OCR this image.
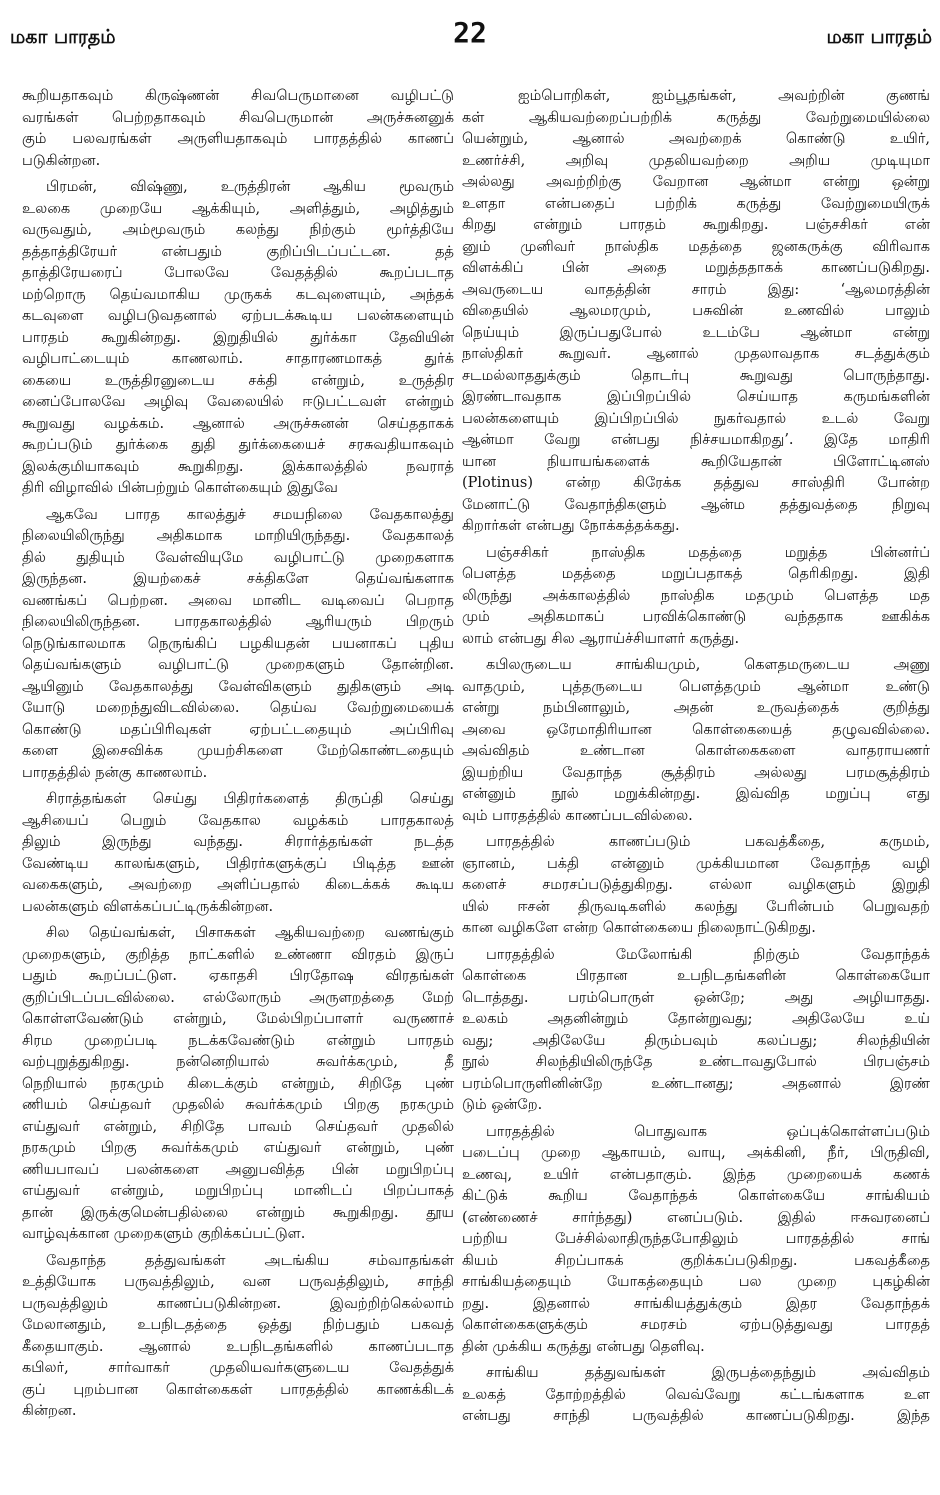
மகா பாரதம்	22	மகா பாரதம்
கூறியதாகவும் கிருஷ்ணன் சிவபெருமானை வழிபட்டு
வரங்கள் பெற்றதாகவும் சிவபெருமான் அருச்சுனனுக்
கும் பலவரங்கள் அருளியதாகவும் பாரதத்தில் காணப்
படுகின்றன.
பிரமன், விஷ்ணு, உருத்திரன் ஆகிய மூவரும்
உலகை முறையே ஆக்கியும், அளித்தும், அழித்தும்
வருவதும், அம்மூவரும் கலந்து நிற்கும் மூர்த்தியே
தத்தாத்திரேயர் என்பதும் குறிப்பிடப்பட்டன. தத்
தாத்திரேயரைப் போலவே வேதத்தில் கூறப்படாத
மற்றொரு தெய்வமாகிய முருகக் கடவுளையும், அந்தக்
கடவுளை வழிபடுவதனால் ஏற்படக்கூடிய பலன்களையும்
பாரதம் கூறுகின்றது. இறுதியில் துர்க்கா தேவியின்
வழிபாட்டையும் காணலாம். சாதாரணமாகத் துர்க்
கையை உருத்திரனுடைய சக்தி என்றும், உருத்திர
னைப்போலவே அழிவு வேலையில் ஈடுபட்டவள் என்றும்
கூறுவது வழக்கம். ஆனால் அருச்சுனன் செய்ததாகக்
கூறப்படும் துர்க்கை துதி துர்க்கையைச் சரசுவதியாகவும்
இலக்குமியாகவும் கூறுகிறது. இக்காலத்தில் நவராத்
திரி விழாவில் பின்பற்றும் கொள்கையும் இதுவே
ஆகவே பாரத காலத்துச் சமயநிலை வேதகாலத்து
நிலையிலிருந்து அதிகமாக மாறியிருந்தது. வேதகாலத்
தில் துதியும் வேள்வியுமே வழிபாட்டு முறைகளாக
இருந்தன. இயற்கைச் சக்திகளே தெய்வங்களாக
வணங்கப் பெற்றன. அவை மானிட வடிவைப் பெறாத
நிலையிலிருந்தன. பாரதகாலத்தில் ஆரியரும் பிறரும்
நெடுங்காலமாக நெருங்கிப் பழகியதன் பயனாகப் புதிய
தெய்வங்களும் வழிபாட்டு முறைகளும் தோன்றின.
ஆயினும் வேதகாலத்து வேள்விகளும் துதிகளும் அடி
யோடு மறைந்துவிடவில்லை. தெய்வ வேற்றுமையைக்
கொண்டு மதப்பிரிவுகள் ஏற்பட்டதையும் அப்பிரிவு
களை இசைவிக்க முயற்சிகளை மேற்கொண்டதையும்
பாரதத்தில் நன்கு காணலாம்.
சிராத்தங்கள் செய்து பிதிரர்களைத் திருப்தி செய்து
ஆசியைப் பெறும் வேதகால வழக்கம் பாரதகாலத்
திலும் இருந்து வந்தது. சிரார்த்தங்கள் நடத்த
வேண்டிய காலங்களும், பிதிரர்களுக்குப் பிடித்த ஊன்
வகைகளும், அவற்றை அளிப்பதால் கிடைக்கக் கூடிய
பலன்களும் விளக்கப்பட்டிருக்கின்றன.
சில தெய்வங்கள், பிசாசுகள் ஆகியவற்றை வணங்கும்
முறைகளும், குறித்த நாட்களில் உண்ணா விரதம் இருப்
பதும் கூறப்பட்டுள. ஏகாதசி பிரதோஷ விரதங்கள்
குறிப்பிடப்படவில்லை. எல்லோரும் அருளறத்தை மேற்
கொள்ளவேண்டும் என்றும், மேல்பிறப்பாளர் வருணாச்
சிரம முறைப்படி நடக்கவேண்டும் என்றும் பாரதம்
வற்புறுத்துகிறது. நன்னெறியால் சுவர்க்கமும், தீ
நெறியால் நரகமும் கிடைக்கும் என்றும், சிறிதே புண்
ணியம் செய்தவர் முதலில் சுவர்க்கமும் பிறகு நரகமும்
எய்துவர் என்றும், சிறிதே பாவம் செய்தவர் முதலில்
நரகமும் பிறகு சுவர்க்கமும் எய்துவர் என்றும், புண்
ணியபாவப் பலன்களை அனுபவித்த பின் மறுபிறப்பு
எய்துவர் என்றும், மறுபிறப்பு மானிடப் பிறப்பாகத்
தான் இருக்குமென்பதில்லை என்றும் கூறுகிறது. தூய
வாழ்வுக்கான முறைகளும் குறிக்கப்பட்டுள.
வேதாந்த தத்துவங்கள் அடங்கிய சம்வாதங்கள்
உத்தியோக பருவத்திலும், வன பருவத்திலும், சாந்தி
பருவத்திலும் காணப்படுகின்றன. இவற்றிற்கெல்லாம்
மேலானதும், உபநிடதத்தை ஒத்து நிற்பதும் பகவத்
கீதையாகும். ஆனால் உபநிடதங்களில் காணப்படாத
கபிலர், சார்வாகர் முதலியவர்களுடைய வேதத்துக்
குப் புறம்பான கொள்கைகள் பாரதத்தில் காணக்கிடக்
கின்றன.
ஐம்பொறிகள், ஐம்பூதங்கள், அவற்றின் குணங்
கள் ஆகியவற்றைப்பற்றிக் கருத்து வேற்றுமையில்லை
யென்றும், ஆனால் அவற்றைக் கொண்டு உயிர்,
உணர்ச்சி, அறிவு முதலியவற்றை அறிய முடியுமா
அல்லது அவற்றிற்கு வேறான ஆன்மா என்று ஒன்று
உளதா என்பதைப் பற்றிக் கருத்து வேற்றுமையிருக்
கிறது என்றும் பாரதம் கூறுகிறது. பஞ்சசிகர் என்
னும் முனிவர் நாஸ்திக மதத்தை ஜனகருக்கு விரிவாக
விளக்கிப் பின் அதை மறுத்ததாகக் காணப்படுகிறது.
அவருடைய வாதத்தின் சாரம் இது: ‘ஆலமரத்தின்
விதையில் ஆலமரமும், பசுவின் உணவில் பாலும்
நெய்யும் இருப்பதுபோல் உடம்பே ஆன்மா என்று
நாஸ்திகர் கூறுவர். ஆனால் முதலாவதாக சடத்துக்கும்
சடமல்லாததுக்கும் தொடர்பு கூறுவது பொருந்தாது.
இரண்டாவதாக இப்பிறப்பில் செய்யாத கருமங்களின்
பலன்களையும் இப்பிறப்பில் நுகர்வதால் உடல் வேறு
ஆன்மா வேறு என்பது நிச்சயமாகிறது’. இதே மாதிரி
யான நியாயங்களைக் கூறியேதான் பிளோட்டினஸ்
(Plotinus) என்ற கிரேக்க தத்துவ சாஸ்திரி போன்ற
மேனாட்டு வேதாந்திகளும் ஆன்ம தத்துவத்தை நிறுவு
கிறார்கள் என்பது நோக்கத்தக்கது.
பஞ்சசிகர் நாஸ்திக மதத்தை மறுத்த பின்னர்ப்
பௌத்த மதத்தை மறுப்பதாகத் தெரிகிறது. இதி
லிருந்து அக்காலத்தில் நாஸ்திக மதமும் பௌத்த மத
மும் அதிகமாகப் பரவிக்கொண்டு வந்ததாக ஊகிக்க
லாம் என்பது சில ஆராய்ச்சியாளர் கருத்து.
கபிலருடைய சாங்கியமும், கௌதமருடைய அணு
வாதமும், புத்தருடைய பௌத்தமும் ஆன்மா உண்டு
என்று நம்பினாலும், அதன் உருவத்தைக் குறித்து
அவை ஒரேமாதிரியான கொள்கையைத் தழுவவில்லை.
அவ்விதம் உண்டான கொள்கைகளை வாதராயணர்
இயற்றிய வேதாந்த சூத்திரம் அல்லது பரமசூத்திரம்
என்னும் நூல் மறுக்கின்றது. இவ்வித மறுப்பு எது
வும் பாரதத்தில் காணப்படவில்லை.
பாரதத்தில் காணப்படும் பகவத்கீதை, கருமம்,
ஞானம், பக்தி என்னும் முக்கியமான வேதாந்த வழி
களைச் சமரசப்படுத்துகிறது. எல்லா வழிகளும் இறுதி
யில் ஈசன் திருவடிகளில் கலந்து பேரின்பம் பெறுவதற்
கான வழிகளே என்ற கொள்கையை நிலைநாட்டுகிறது.
பாரதத்தில் மேலோங்கி நிற்கும் வேதாந்தக்
கொள்கை பிரதான உபநிடதங்களின் கொள்கையோ
டொத்தது. பரம்பொருள் ஒன்றே; அது அழியாதது.
உலகம் அதனின்றும் தோன்றுவது; அதிலேயே உய்
வது; அதிலேயே திரும்பவும் கலப்பது; சிலந்தியின்
நூல் சிலந்தியிலிருந்தே உண்டாவதுபோல் பிரபஞ்சம்
பரம்பொருளினின்றே உண்டானது; அதனால் இரண்
டும் ஒன்றே.
பாரதத்தில் பொதுவாக ஒப்புக்கொள்ளப்படும்
படைப்பு முறை ஆகாயம், வாயு, அக்கினி, நீர், பிருதிவி,
உணவு, உயிர் என்பதாகும். இந்த முறையைக் கணக்
கிட்டுக் கூறிய வேதாந்தக் கொள்கையே சாங்கியம்
(எண்ணைச் சார்ந்தது) எனப்படும். இதில் ஈசுவரனைப்
பற்றிய பேச்சில்லாதிருந்தபோதிலும் பாரதத்தில் சாங்
கியம் சிறப்பாகக் குறிக்கப்படுகிறது. பகவத்கீதை
சாங்கியத்தையும் யோகத்தையும் பல முறை புகழ்கின்
றது. இதனால் சாங்கியத்துக்கும் இதர வேதாந்தக்
கொள்கைகளுக்கும் சமரசம் ஏற்படுத்துவது பாரதத்
தின் முக்கிய கருத்து என்பது தெளிவு.
சாங்கிய தத்துவங்கள் இருபத்தைந்தும் அவ்விதம்
உலகத் தோற்றத்தில் வெவ்வேறு கட்டங்களாக உள
என்பது சாந்தி பருவத்தில் காணப்படுகிறது. இந்த
